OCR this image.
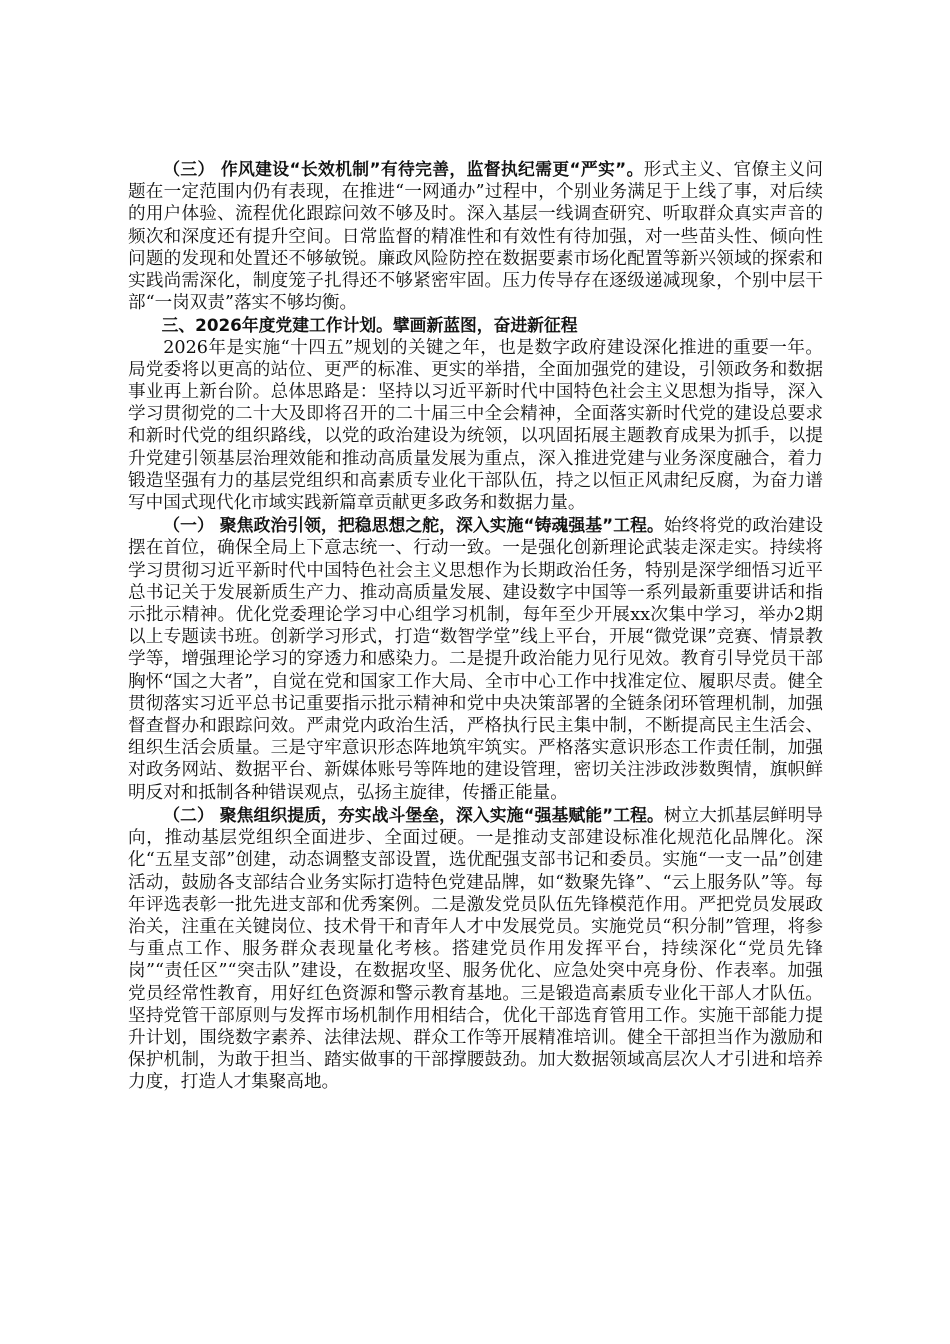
（三） 作风建设“长效机制”有待完善，监督执纪需更“严实”。形式主义、官僚主义问题在一定范围内仍有表现，在推进“一网通办”过程中，个别业务满足于上线了事，对后续的用户体验、流程优化跟踪问效不够及时。深入基层一线调查研究、听取群众真实声音的频次和深度还有提升空间。日常监督的精准性和有效性有待加强，对一些苗头性、倾向性问题的发现和处置还不够敏锐。廉政风险防控在数据要素市场化配置等新兴领域的探索和实践尚需深化，制度笼子扎得还不够紧密牢固。压力传导存在逐级递减现象，个别中层干部“一岗双责”落实不够均衡。

三、2026年度党建工作计划。擘画新蓝图，奋进新征程

2026年是实施“十四五”规划的关键之年，也是数字政府建设深化推进的重要一年。局党委将以更高的站位、更严的标准、更实的举措，全面加强党的建设，引领政务和数据事业再上新台阶。总体思路是：坚持以习近平新时代中国特色社会主义思想为指导，深入学习贯彻党的二十大及即将召开的二十届三中全会精神，全面落实新时代党的建设总要求和新时代党的组织路线，以党的政治建设为统领，以巩固拓展主题教育成果为抓手，以提升党建引领基层治理效能和推动高质量发展为重点，深入推进党建与业务深度融合，着力锻造坚强有力的基层党组织和高素质专业化干部队伍，持之以恒正风肃纪反腐，为奋力谱写中国式现代化市域实践新篇章贡献更多政务和数据力量。

（一） 聚焦政治引领，把稳思想之舵，深入实施“铸魂强基”工程。始终将党的政治建设摆在首位，确保全局上下意志统一、行动一致。一是强化创新理论武装走深走实。持续将学习贯彻习近平新时代中国特色社会主义思想作为长期政治任务，特别是深学细悟习近平总书记关于发展新质生产力、推动高质量发展、建设数字中国等一系列最新重要讲话和指示批示精神。优化党委理论学习中心组学习机制，每年至少开展xx次集中学习，举办2期以上专题读书班。创新学习形式，打造“数智学堂”线上平台，开展“微党课”竞赛、情景教学等，增强理论学习的穿透力和感染力。二是提升政治能力见行见效。教育引导党员干部胸怀“国之大者”，自觉在党和国家工作大局、全市中心工作中找准定位、履职尽责。健全贯彻落实习近平总书记重要指示批示精神和党中央决策部署的全链条闭环管理机制，加强督查督办和跟踪问效。严肃党内政治生活，严格执行民主集中制，不断提高民主生活会、组织生活会质量。三是守牢意识形态阵地筑牢筑实。严格落实意识形态工作责任制，加强对政务网站、数据平台、新媒体账号等阵地的建设管理，密切关注涉政涉数舆情，旗帜鲜明反对和抵制各种错误观点，弘扬主旋律，传播正能量。

（二） 聚焦组织提质，夯实战斗堡垒，深入实施“强基赋能”工程。树立大抓基层鲜明导向，推动基层党组织全面进步、全面过硬。一是推动支部建设标准化规范化品牌化。深化“五星支部”创建，动态调整支部设置，选优配强支部书记和委员。实施“一支一品”创建活动，鼓励各支部结合业务实际打造特色党建品牌，如“数聚先锋”、“云上服务队”等。每年评选表彰一批先进支部和优秀案例。二是激发党员队伍先锋模范作用。严把党员发展政治关，注重在关键岗位、技术骨干和青年人才中发展党员。实施党员“积分制”管理，将参与重点工作、服务群众表现量化考核。搭建党员作用发挥平台，持续深化“党员先锋岗”“责任区”“突击队”建设，在数据攻坚、服务优化、应急处突中亮身份、作表率。加强党员经常性教育，用好红色资源和警示教育基地。三是锻造高素质专业化干部人才队伍。坚持党管干部原则与发挥市场机制作用相结合，优化干部选育管用工作。实施干部能力提升计划，围绕数字素养、法律法规、群众工作等开展精准培训。健全干部担当作为激励和保护机制，为敢于担当、踏实做事的干部撑腰鼓劲。加大数据领域高层次人才引进和培养力度，打造人才集聚高地。
